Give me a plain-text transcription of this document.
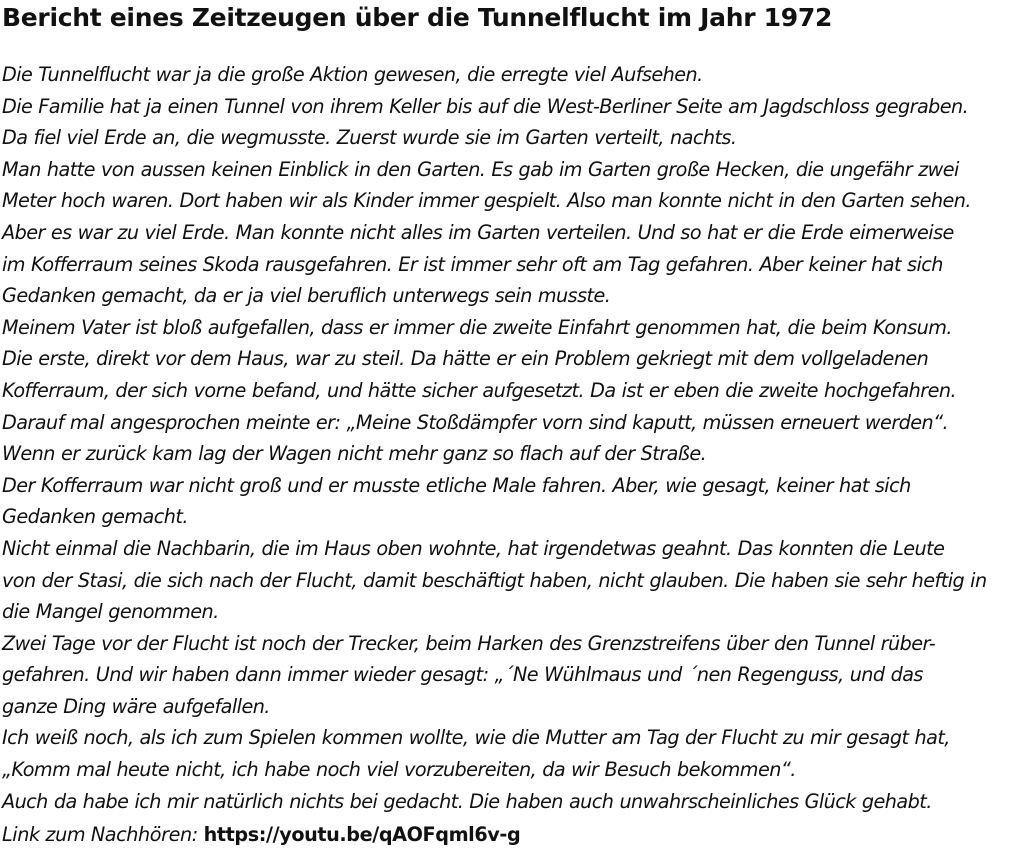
Bericht eines Zeitzeugen über die Tunnelflucht im Jahr 1972
Die Tunnelflucht war ja die große Aktion gewesen, die erregte viel Aufsehen.
Die Familie hat ja einen Tunnel von ihrem Keller bis auf die West-Berliner Seite am Jagdschloss gegraben.
Da fiel viel Erde an, die wegmusste. Zuerst wurde sie im Garten verteilt, nachts.
Man hatte von aussen keinen Einblick in den Garten. Es gab im Garten große Hecken, die ungefähr zwei
Meter hoch waren. Dort haben wir als Kinder immer gespielt. Also man konnte nicht in den Garten sehen.
Aber es war zu viel Erde. Man konnte nicht alles im Garten verteilen. Und so hat er die Erde eimerweise
im Kofferraum seines Skoda rausgefahren. Er ist immer sehr oft am Tag gefahren. Aber keiner hat sich
Gedanken gemacht, da er ja viel beruflich unterwegs sein musste.
Meinem Vater ist bloß aufgefallen, dass er immer die zweite Einfahrt genommen hat, die beim Konsum.
Die erste, direkt vor dem Haus, war zu steil. Da hätte er ein Problem gekriegt mit dem vollgeladenen
Kofferraum, der sich vorne befand, und hätte sicher aufgesetzt. Da ist er eben die zweite hochgefahren.
Darauf mal angesprochen meinte er: „Meine Stoßdämpfer vorn sind kaputt, müssen erneuert werden“.
Wenn er zurück kam lag der Wagen nicht mehr ganz so flach auf der Straße.
Der Kofferraum war nicht groß und er musste etliche Male fahren. Aber, wie gesagt, keiner hat sich
Gedanken gemacht.
Nicht einmal die Nachbarin, die im Haus oben wohnte, hat irgendetwas geahnt. Das konnten die Leute
von der Stasi, die sich nach der Flucht, damit beschäftigt haben, nicht glauben. Die haben sie sehr heftig in
die Mangel genommen.
Zwei Tage vor der Flucht ist noch der Trecker, beim Harken des Grenzstreifens über den Tunnel rüber-
gefahren. Und wir haben dann immer wieder gesagt: „´Ne Wühlmaus und ´nen Regenguss, und das
ganze Ding wäre aufgefallen.
Ich weiß noch, als ich zum Spielen kommen wollte, wie die Mutter am Tag der Flucht zu mir gesagt hat,
„Komm mal heute nicht, ich habe noch viel vorzubereiten, da wir Besuch bekommen“.
Auch da habe ich mir natürlich nichts bei gedacht. Die haben auch unwahrscheinliches Glück gehabt.
Link zum Nachhören: https://youtu.be/qAOFqml6v-g
